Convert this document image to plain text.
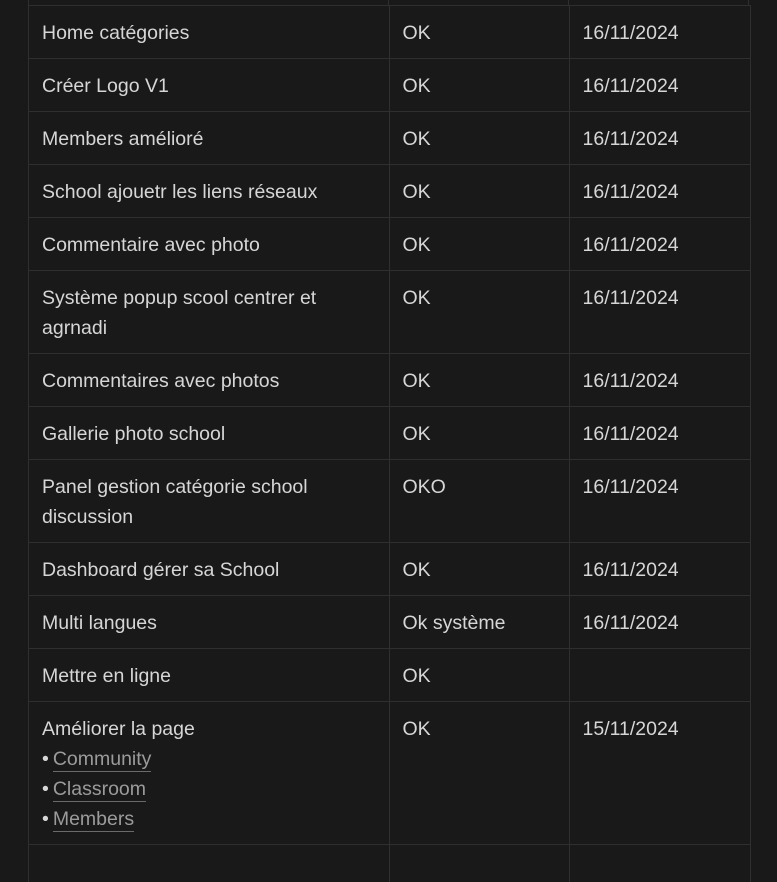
Home catégories	OK	16/11/2024
Créer Logo V1	OK	16/11/2024
Members amélioré	OK	16/11/2024
School ajouetr les liens réseaux	OK	16/11/2024
Commentaire avec photo	OK	16/11/2024
Système popup scool centrer et agrnadi	OK	16/11/2024
Commentaires avec photos	OK	16/11/2024
Gallerie photo school	OK	16/11/2024
Panel gestion catégorie school discussion	OKO	16/11/2024
Dashboard gérer sa School	OK	16/11/2024
Multi langues	Ok système	16/11/2024
Mettre en ligne	OK	
Améliorer la page
• Community
• Classroom
• Members	OK	15/11/2024
